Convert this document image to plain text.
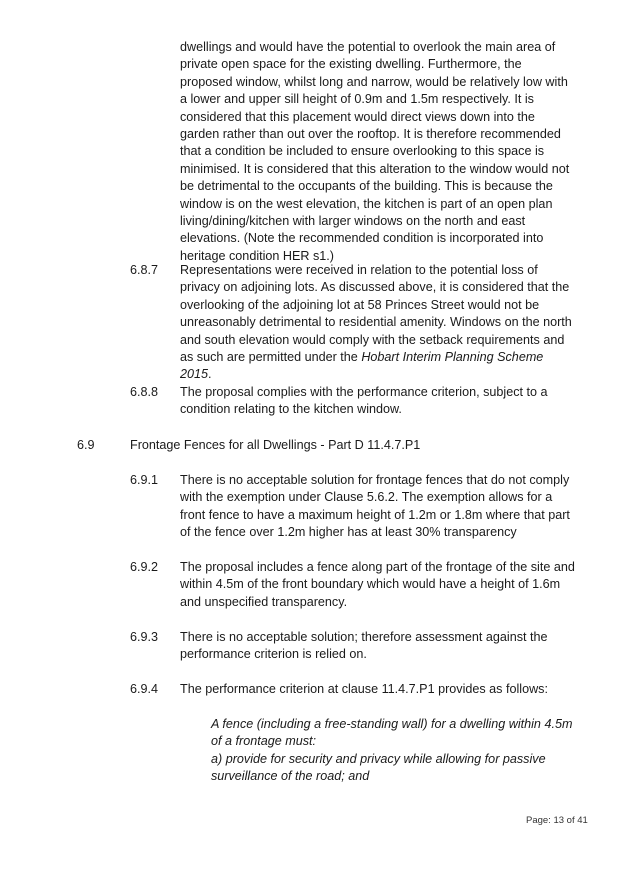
dwellings and would have the potential to overlook the main area of private open space for the existing dwelling. Furthermore, the proposed window, whilst long and narrow, would be relatively low with a lower and upper sill height of 0.9m and 1.5m respectively. It is considered that this placement would direct views down into the garden rather than out over the rooftop. It is therefore recommended that a condition be included to ensure overlooking to this space is minimised. It is considered that this alteration to the window would not be detrimental to the occupants of the building. This is because the window is on the west elevation, the kitchen is part of an open plan living/dining/kitchen with larger windows on the north and east elevations. (Note the recommended condition is incorporated into heritage condition HER s1.)

6.8.7 Representations were received in relation to the potential loss of privacy on adjoining lots. As discussed above, it is considered that the overlooking of the adjoining lot at 58 Princes Street would not be unreasonably detrimental to residential amenity. Windows on the north and south elevation would comply with the setback requirements and as such are permitted under the Hobart Interim Planning Scheme 2015.

6.8.8 The proposal complies with the performance criterion, subject to a condition relating to the kitchen window.

6.9	Frontage Fences for all Dwellings - Part D 11.4.7.P1

6.9.1 There is no acceptable solution for frontage fences that do not comply with the exemption under Clause 5.6.2. The exemption allows for a front fence to have a maximum height of 1.2m or 1.8m where that part of the fence over 1.2m higher has at least 30% transparency

6.9.2 The proposal includes a fence along part of the frontage of the site and within 4.5m of the front boundary which would have a height of 1.6m and unspecified transparency.

6.9.3 There is no acceptable solution; therefore assessment against the performance criterion is relied on.

6.9.4 The performance criterion at clause 11.4.7.P1 provides as follows:

A fence (including a free-standing wall) for a dwelling within 4.5m of a frontage must:
a) provide for security and privacy while allowing for passive surveillance of the road; and
Page: 13 of 41
